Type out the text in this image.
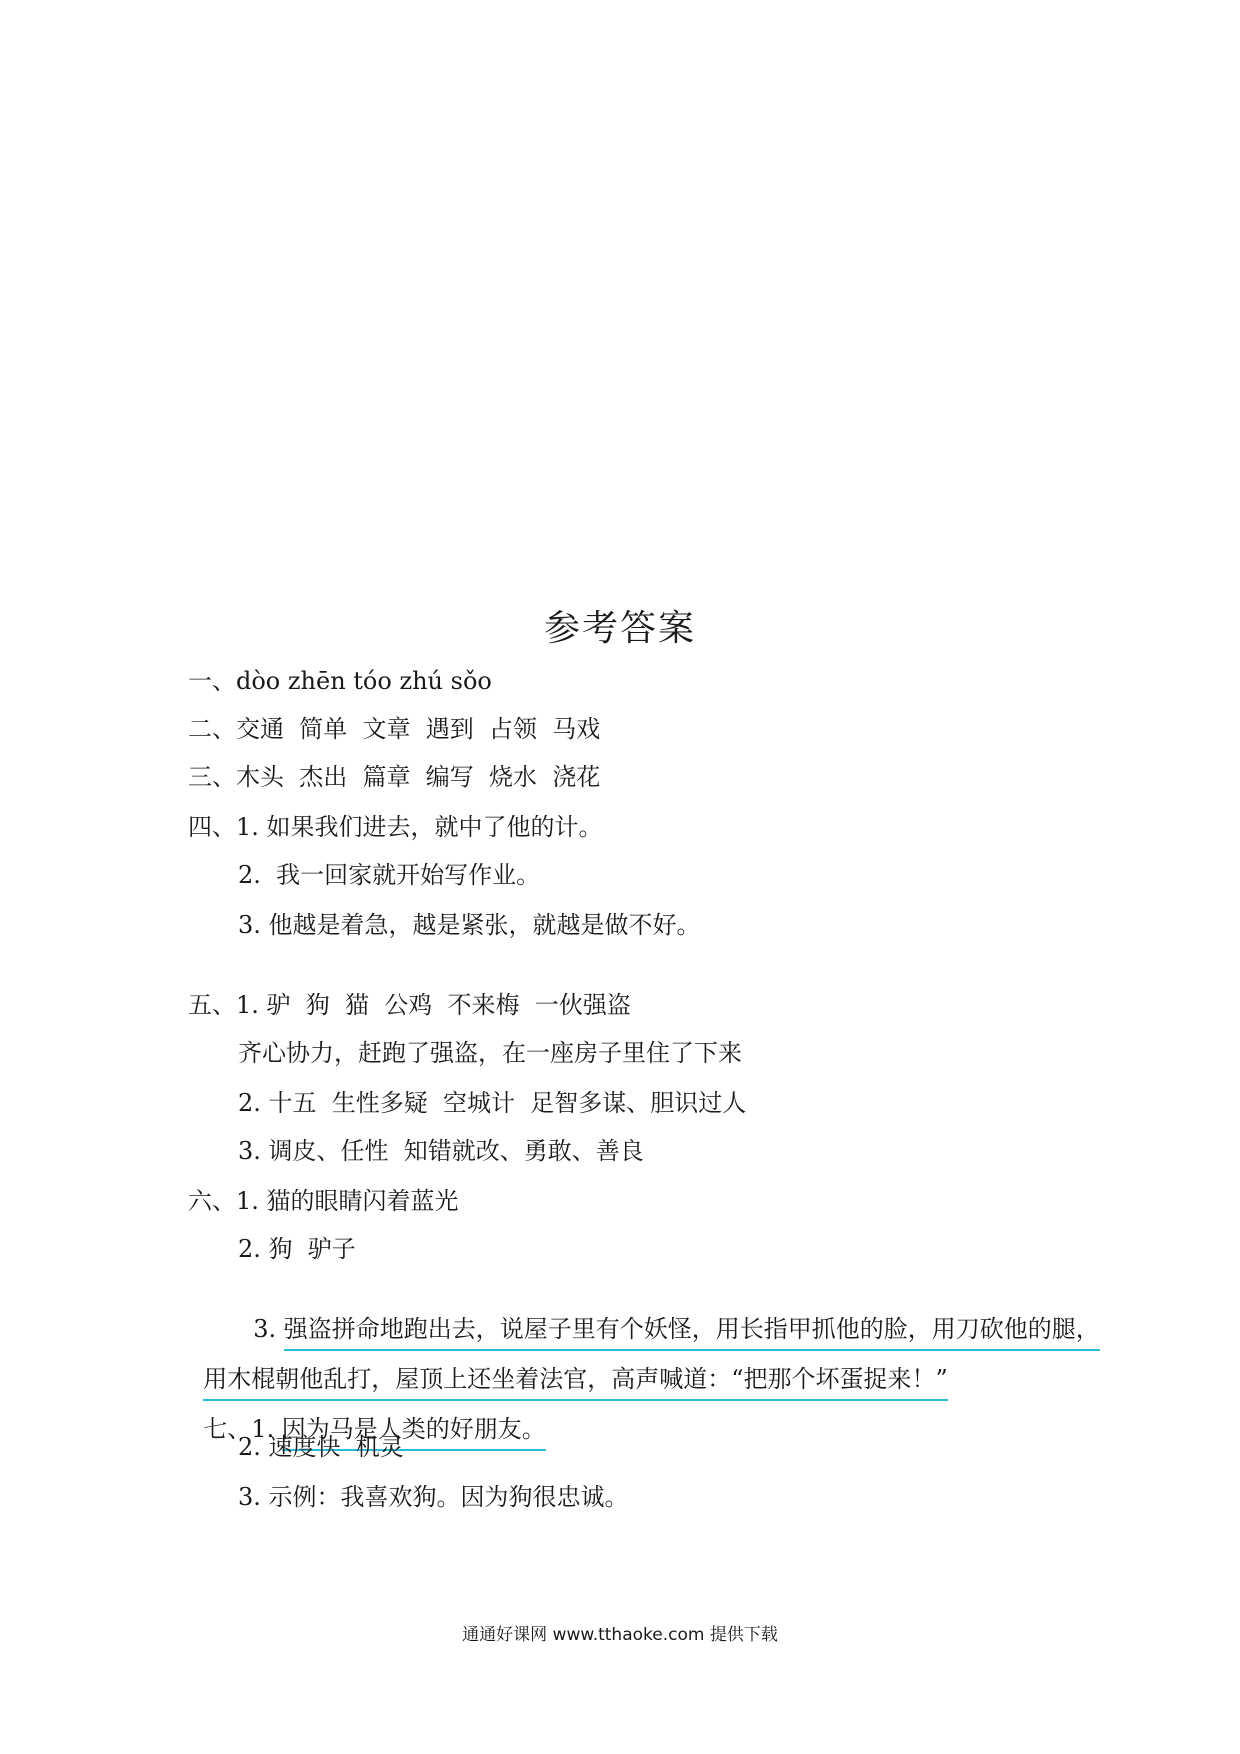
参考答案
一、dòo zhēn tóo zhú sǒo
二、交通  简单  文章  遇到  占领  马戏
三、木头  杰出  篇章  编写  烧水  浇花
四、1. 如果我们进去，就中了他的计。
2.  我一回家就开始写作业。
3. 他越是着急，越是紧张，就越是做不好。
五、1. 驴  狗  猫  公鸡  不来梅  一伙强盗
齐心协力，赶跑了强盗，在一座房子里住了下来
2. 十五  生性多疑  空城计  足智多谋、胆识过人
3. 调皮、任性  知错就改、勇敢、善良
六、1. 猫的眼睛闪着蓝光
2. 狗  驴子

3. 强盗拼命地跑出去，说屋子里有个妖怪，用长指甲抓他的脸，用刀砍他的腿，

用木棍朝他乱打，屋顶上还坐着法官，高声喊道：“把那个坏蛋捉来！”

七、1. 因为马是人类的好朋友。

2. 速度快  机灵
3. 示例：我喜欢狗。因为狗很忠诚。
通通好课网 www.tthaoke.com 提供下载
